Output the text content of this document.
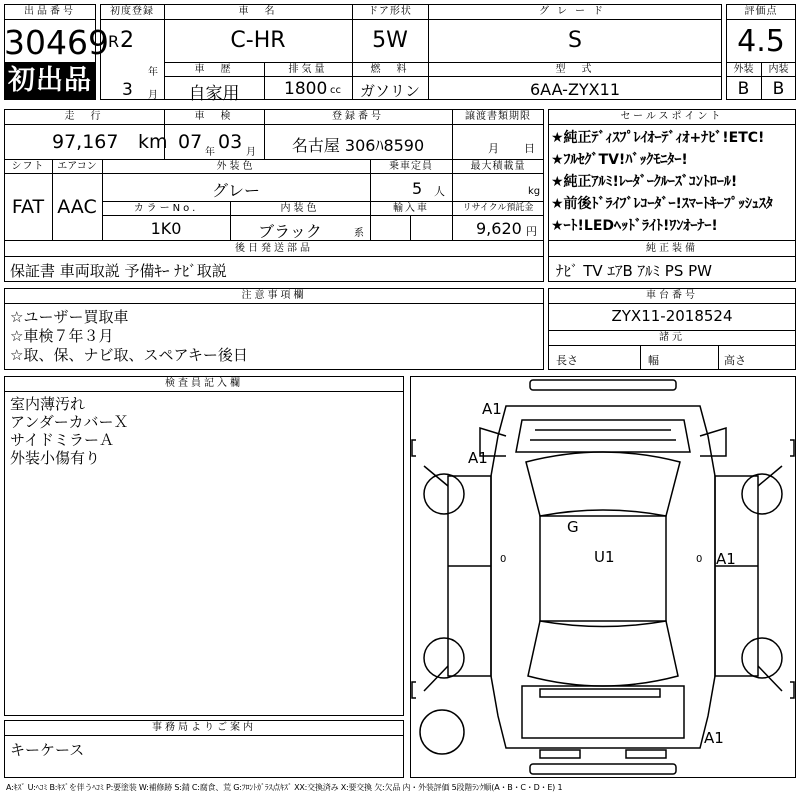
出品番号
30469
初出品
初度登録
R 2
年
3 月
車　名
C-HR
ドア形状
5W
グレード
S
車　歴
自家用
排気量
1800 cc
燃　料
ガソリン
型　式
6AA-ZYX11
評価点
4.5
外装	内装
B	B
走　行
97,167 km
車　検
07 年 03 月
登録番号
名古屋 306ﾊ8590
譲渡書類期限
月 日
シフト
FAT
エアコン
AAC
外装色
グレー
乗車定員
5 人
最大積載量
kg
カラーNo.
1K0
内装色
ブラック	系
輸入車	リサイクル預託金
9,620 円
後日発送部品
保証書 車両取説 予備ｷｰ ﾅﾋﾞ取説
セールスポイント
★純正ﾃﾞｨｽﾌﾟﾚｲｵｰﾃﾞｨｵ+ﾅﾋﾞ!ETC!
★ﾌﾙｾｸﾞTV!ﾊﾞｯｸﾓﾆﾀｰ!
★純正ｱﾙﾐ!ﾚｰﾀﾞｰｸﾙｰｽﾞｺﾝﾄﾛｰﾙ!
★前後ﾄﾞﾗｲﾌﾞﾚｺｰﾀﾞｰ!ｽﾏｰﾄｷｰﾌﾟｯｼｭｽﾀ
★ｰﾄ!LEDﾍｯﾄﾞﾗｲﾄ!ﾜﾝｵｰﾅｰ!
純正装備
ﾅﾋﾞ TV ｴｱB ｱﾙﾐ PS PW
注意事項欄
☆ユーザー買取車
☆車検７年３月
☆取、保、ナビ取、スペアキー後日
車台番号
ZYX11-2018524
諸元
長さ	幅	高さ
検査員記入欄
室内薄汚れ
アンダーカバーＸ
サイドミラーＡ
外装小傷有り
事務局よりご案内
キーケース
A1
A1
G
U1	A1
A1
0	0
A:ｷｽﾞ U:ﾍｺﾐ B:ｷｽﾞを伴うﾍｺﾐ P:要塗装 W:補修跡 S:錆 C:腐食、荒 G:ﾌﾛﾝﾄｶﾞﾗｽ点ｷｽﾞ XX:交換済み X:要交換 欠:欠品 内・外装評価 5段階ﾗﾝｸ順(A・B・C・D・E) 1
